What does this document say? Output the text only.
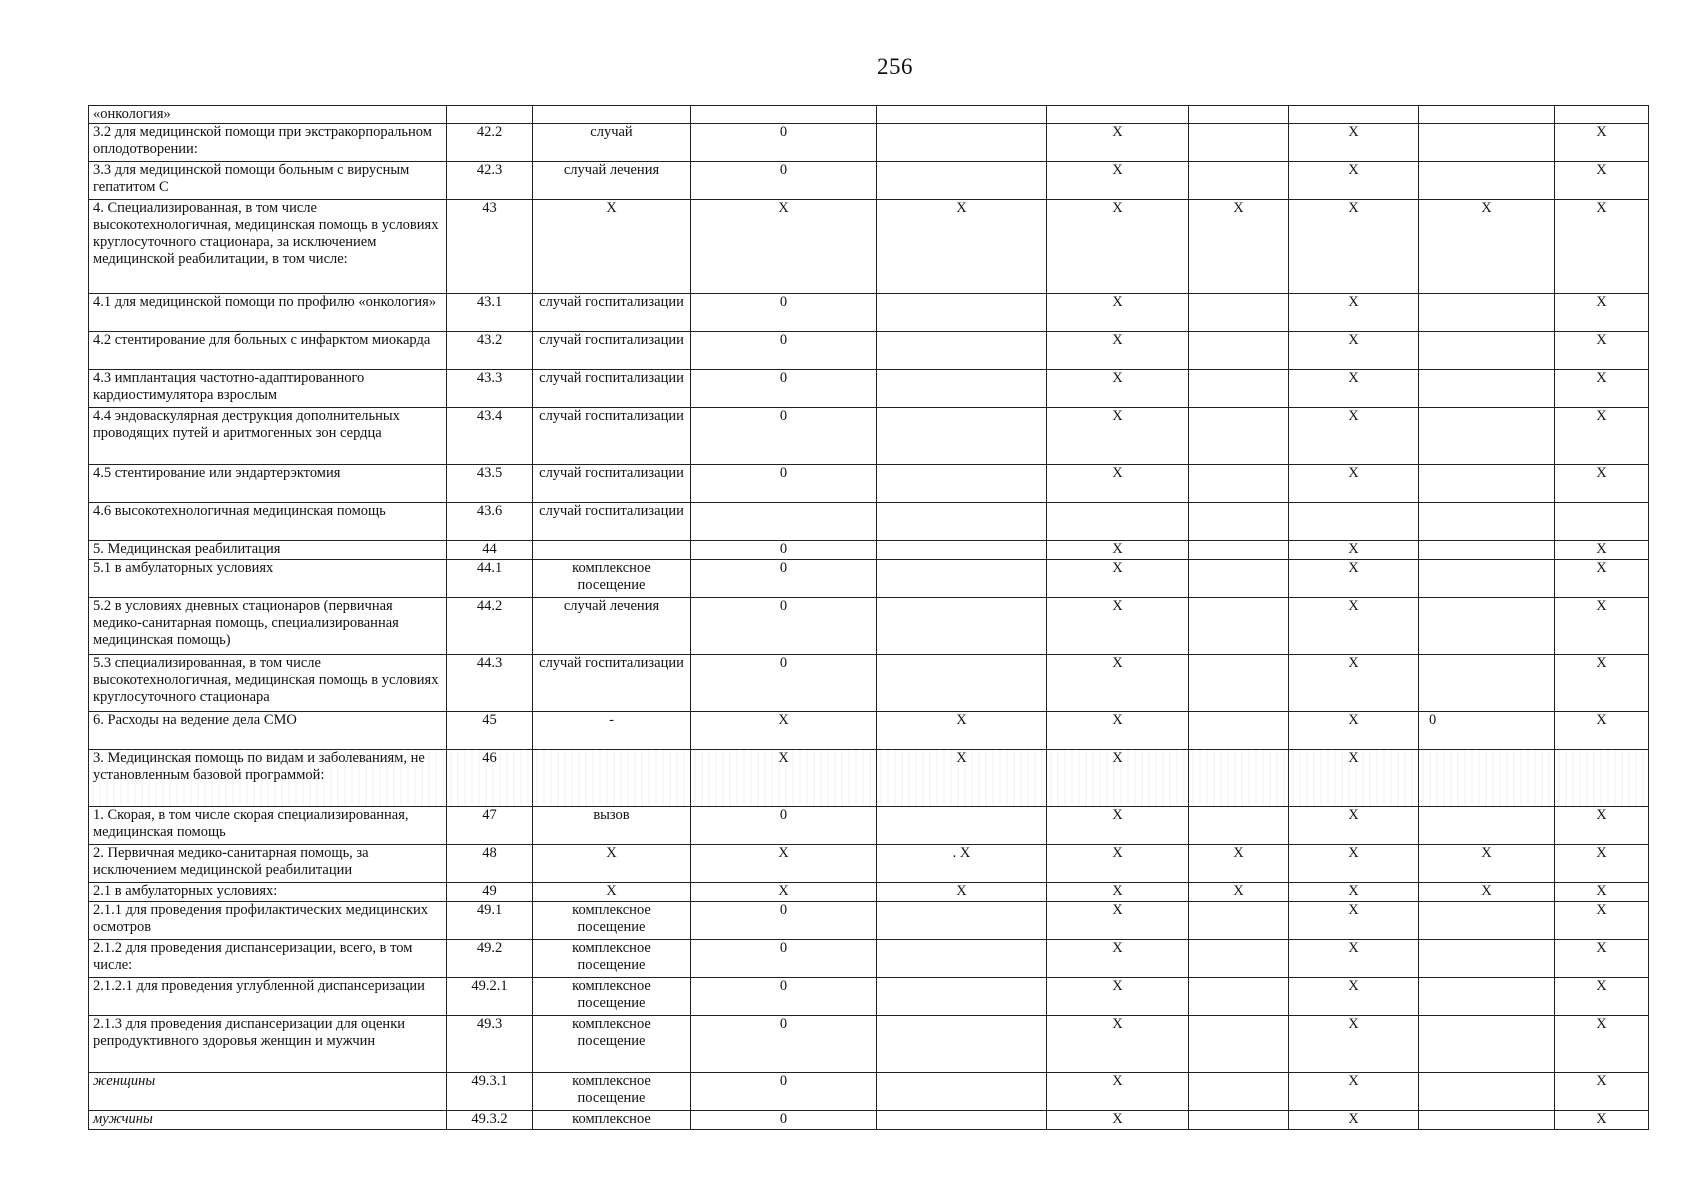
256
«онкология»									
3.2 для медицинской помощи при экстракорпоральном оплодотворении:	42.2	случай	0		X		X		X
3.3 для медицинской помощи больным с вирусным гепатитом С	42.3	случай лечения	0		X		X		X
4. Специализированная, в том числе высокотехнологичная, медицинская помощь в условиях круглосуточного стационара, за исключением медицинской реабилитации, в том числе:	43	X	X	X	X	X	X	X	X
4.1 для медицинской помощи по профилю «онкология»	43.1	случай госпитализации	0		X		X		X
4.2 стентирование для больных с инфарктом миокарда	43.2	случай госпитализации	0		X		X		X
4.3 имплантация частотно-адаптированного кардиостимулятора взрослым	43.3	случай госпитализации	0		X		X		X
4.4 эндоваскулярная деструкция дополнительных проводящих путей и аритмогенных зон сердца	43.4	случай госпитализации	0		X		X		X
4.5 стентирование или эндартерэктомия	43.5	случай госпитализации	0		X		X		X
4.6 высокотехнологичная медицинская помощь	43.6	случай госпитализации							
5. Медицинская реабилитация	44		0		X		X		X
5.1 в амбулаторных условиях	44.1	комплексное посещение	0		X		X		X
5.2 в условиях дневных стационаров (первичная медико-санитарная помощь, специализированная медицинская помощь)	44.2	случай лечения	0		X		X		X
5.3 специализированная, в том числе высокотехнологичная, медицинская помощь в условиях круглосуточного стационара	44.3	случай госпитализации	0		X		X		X
6. Расходы на ведение дела СМО	45	-	X	X	X		X	0	X
3. Медицинская помощь по видам и заболеваниям, не установленным базовой программой:	46		X	X	X		X		
1. Скорая, в том числе скорая специализированная, медицинская помощь	47	вызов	0		X		X		X
2. Первичная медико-санитарная помощь, за исключением медицинской реабилитации	48	X	X	. X	X	X	X	X	X
2.1 в амбулаторных условиях:	49	X	X	X	X	X	X	X	X
2.1.1 для проведения профилактических медицинских осмотров	49.1	комплексное посещение	0		X		X		X
2.1.2 для проведения диспансеризации, всего, в том числе:	49.2	комплексное посещение	0		X		X		X
2.1.2.1 для проведения углубленной диспансеризации	49.2.1	комплексное посещение	0		X		X		X
2.1.3 для проведения диспансеризации для оценки репродуктивного здоровья женщин и мужчин	49.3	комплексное посещение	0		X		X		X
женщины	49.3.1	комплексное посещение	0		X		X		X
мужчины	49.3.2	комплексное	0		X		X		X
